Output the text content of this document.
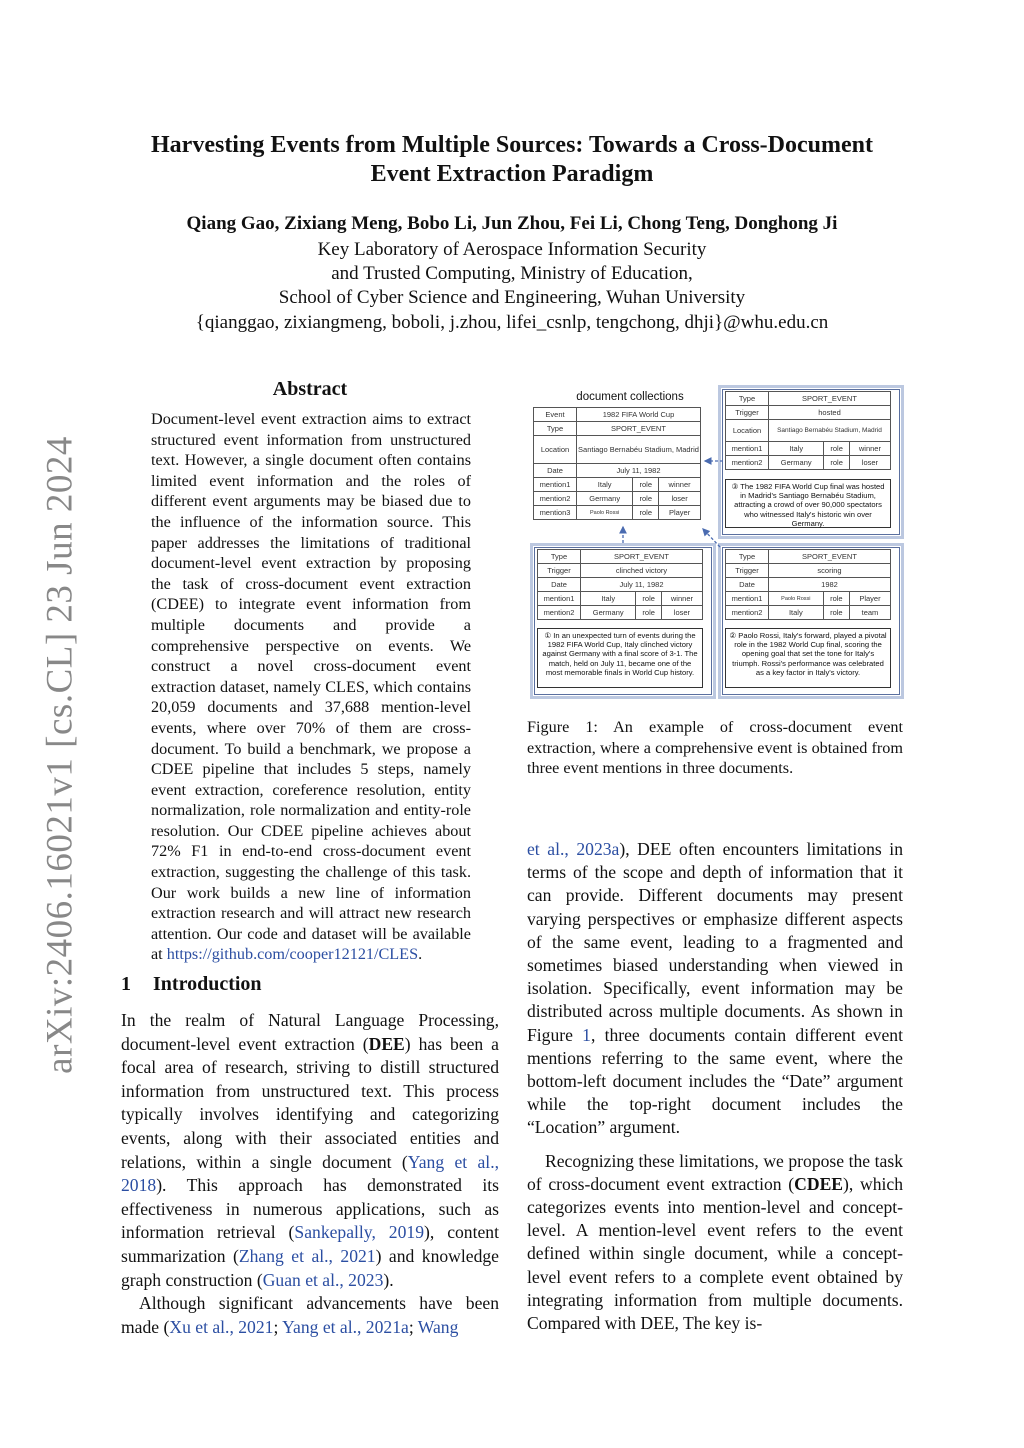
Harvesting Events from Multiple Sources: Towards a Cross-Document
Event Extraction Paradigm
Qiang Gao, Zixiang Meng, Bobo Li, Jun Zhou, Fei Li, Chong Teng, Donghong Ji
Key Laboratory of Aerospace Information Security
and Trusted Computing, Ministry of Education,
School of Cyber Science and Engineering, Wuhan University
{qianggao, zixiangmeng, boboli, j.zhou, lifei_csnlp, tengchong, dhji}@whu.edu.cn
arXiv:2406.16021v1 [cs.CL] 23 Jun 2024
Abstract
Document-level event extraction aims to extract structured event information from unstructured text. However, a single document often contains limited event information and the roles of different event arguments may be biased due to the influence of the information source. This paper addresses the limitations of traditional document-level event extraction by proposing the task of cross-document event extraction (CDEE) to integrate event information from multiple documents and provide a comprehensive perspective on events. We construct a novel cross-document event extraction dataset, namely CLES, which contains 20,059 documents and 37,688 mention-level events, where over 70% of them are cross-document. To build a benchmark, we propose a CDEE pipeline that includes 5 steps, namely event extraction, coreference resolution, entity normalization, role normalization and entity-role resolution. Our CDEE pipeline achieves about 72% F1 in end-to-end cross-document event extraction, suggesting the challenge of this task. Our work builds a new line of information extraction research and will attract new research attention. Our code and dataset will be available at https://github.com/cooper12121/CLES.
1 Introduction

In the realm of Natural Language Processing, document-level event extraction (DEE) has been a focal area of research, striving to distill structured information from unstructured text. This process typically involves identifying and categorizing events, along with their associated entities and relations, within a single document (Yang et al., 2018). This approach has demonstrated its effectiveness in numerous applications, such as information retrieval (Sankepally, 2019), content summarization (Zhang et al., 2021) and knowledge graph construction (Guan et al., 2023).

Although significant advancements have been made (Xu et al., 2021; Yang et al., 2021a; Wang

et al., 2023a), DEE often encounters limitations in terms of the scope and depth of information that it can provide. Different documents may present varying perspectives or emphasize different aspects of the same event, leading to a fragmented and sometimes biased understanding when viewed in isolation. Specifically, event information may be distributed across multiple documents. As shown in Figure 1, three documents contain different event mentions referring to the same event, where the bottom-left document includes the “Date” argument while the top-right document includes the “Location” argument.

Recognizing these limitations, we propose the task of cross-document event extraction (CDEE), which categorizes events into mention-level and concept-level. A mention-level event refers to the event defined within single document, while a concept-level event refers to a complete event obtained by integrating information from multiple documents. Compared with DEE, The key is-

document collections
Event	1982 FIFA World Cup		
Type	SPORT_EVENT		
Location	Santiago Bernabéu Stadium, Madrid		
Date	July 11, 1982		
mention1	Italy	role	winner
mention2	Germany	role	loser
mention3	Paolo Rossi	role	Player
Type	SPORT_EVENT		
Trigger	hosted		
Location	Santiago Bernabéu Stadium, Madrid		
mention1	Italy	role	winner
mention2	Germany	role	loser
③ The 1982 FIFA World Cup final was hosted in Madrid’s Santiago Bernabéu Stadium, attracting a crowd of over 90,000 spectators who witnessed Italy's historic win over Germany.
Type	SPORT_EVENT		
Trigger	clinched victory		
Date	July 11, 1982		
mention1	Italy	role	winner
mention2	Germany	role	loser
① In an unexpected turn of events during the 1982 FIFA World Cup, Italy clinched victory against Germany with a final score of 3-1. The match, held on July 11, became one of the most memorable finals in World Cup history.
Type	SPORT_EVENT		
Trigger	scoring		
Date	1982		
mention1	Paolo Rossi	role	Player
mention2	Italy	role	team
② Paolo Rossi, Italy's forward, played a pivotal role in the 1982 World Cup final, scoring the opening goal that set the tone for Italy's triumph. Rossi's performance was celebrated as a key factor in Italy's victory.
Figure 1: An example of cross-document event extraction, where a comprehensive event is obtained from three event mentions in three documents.
